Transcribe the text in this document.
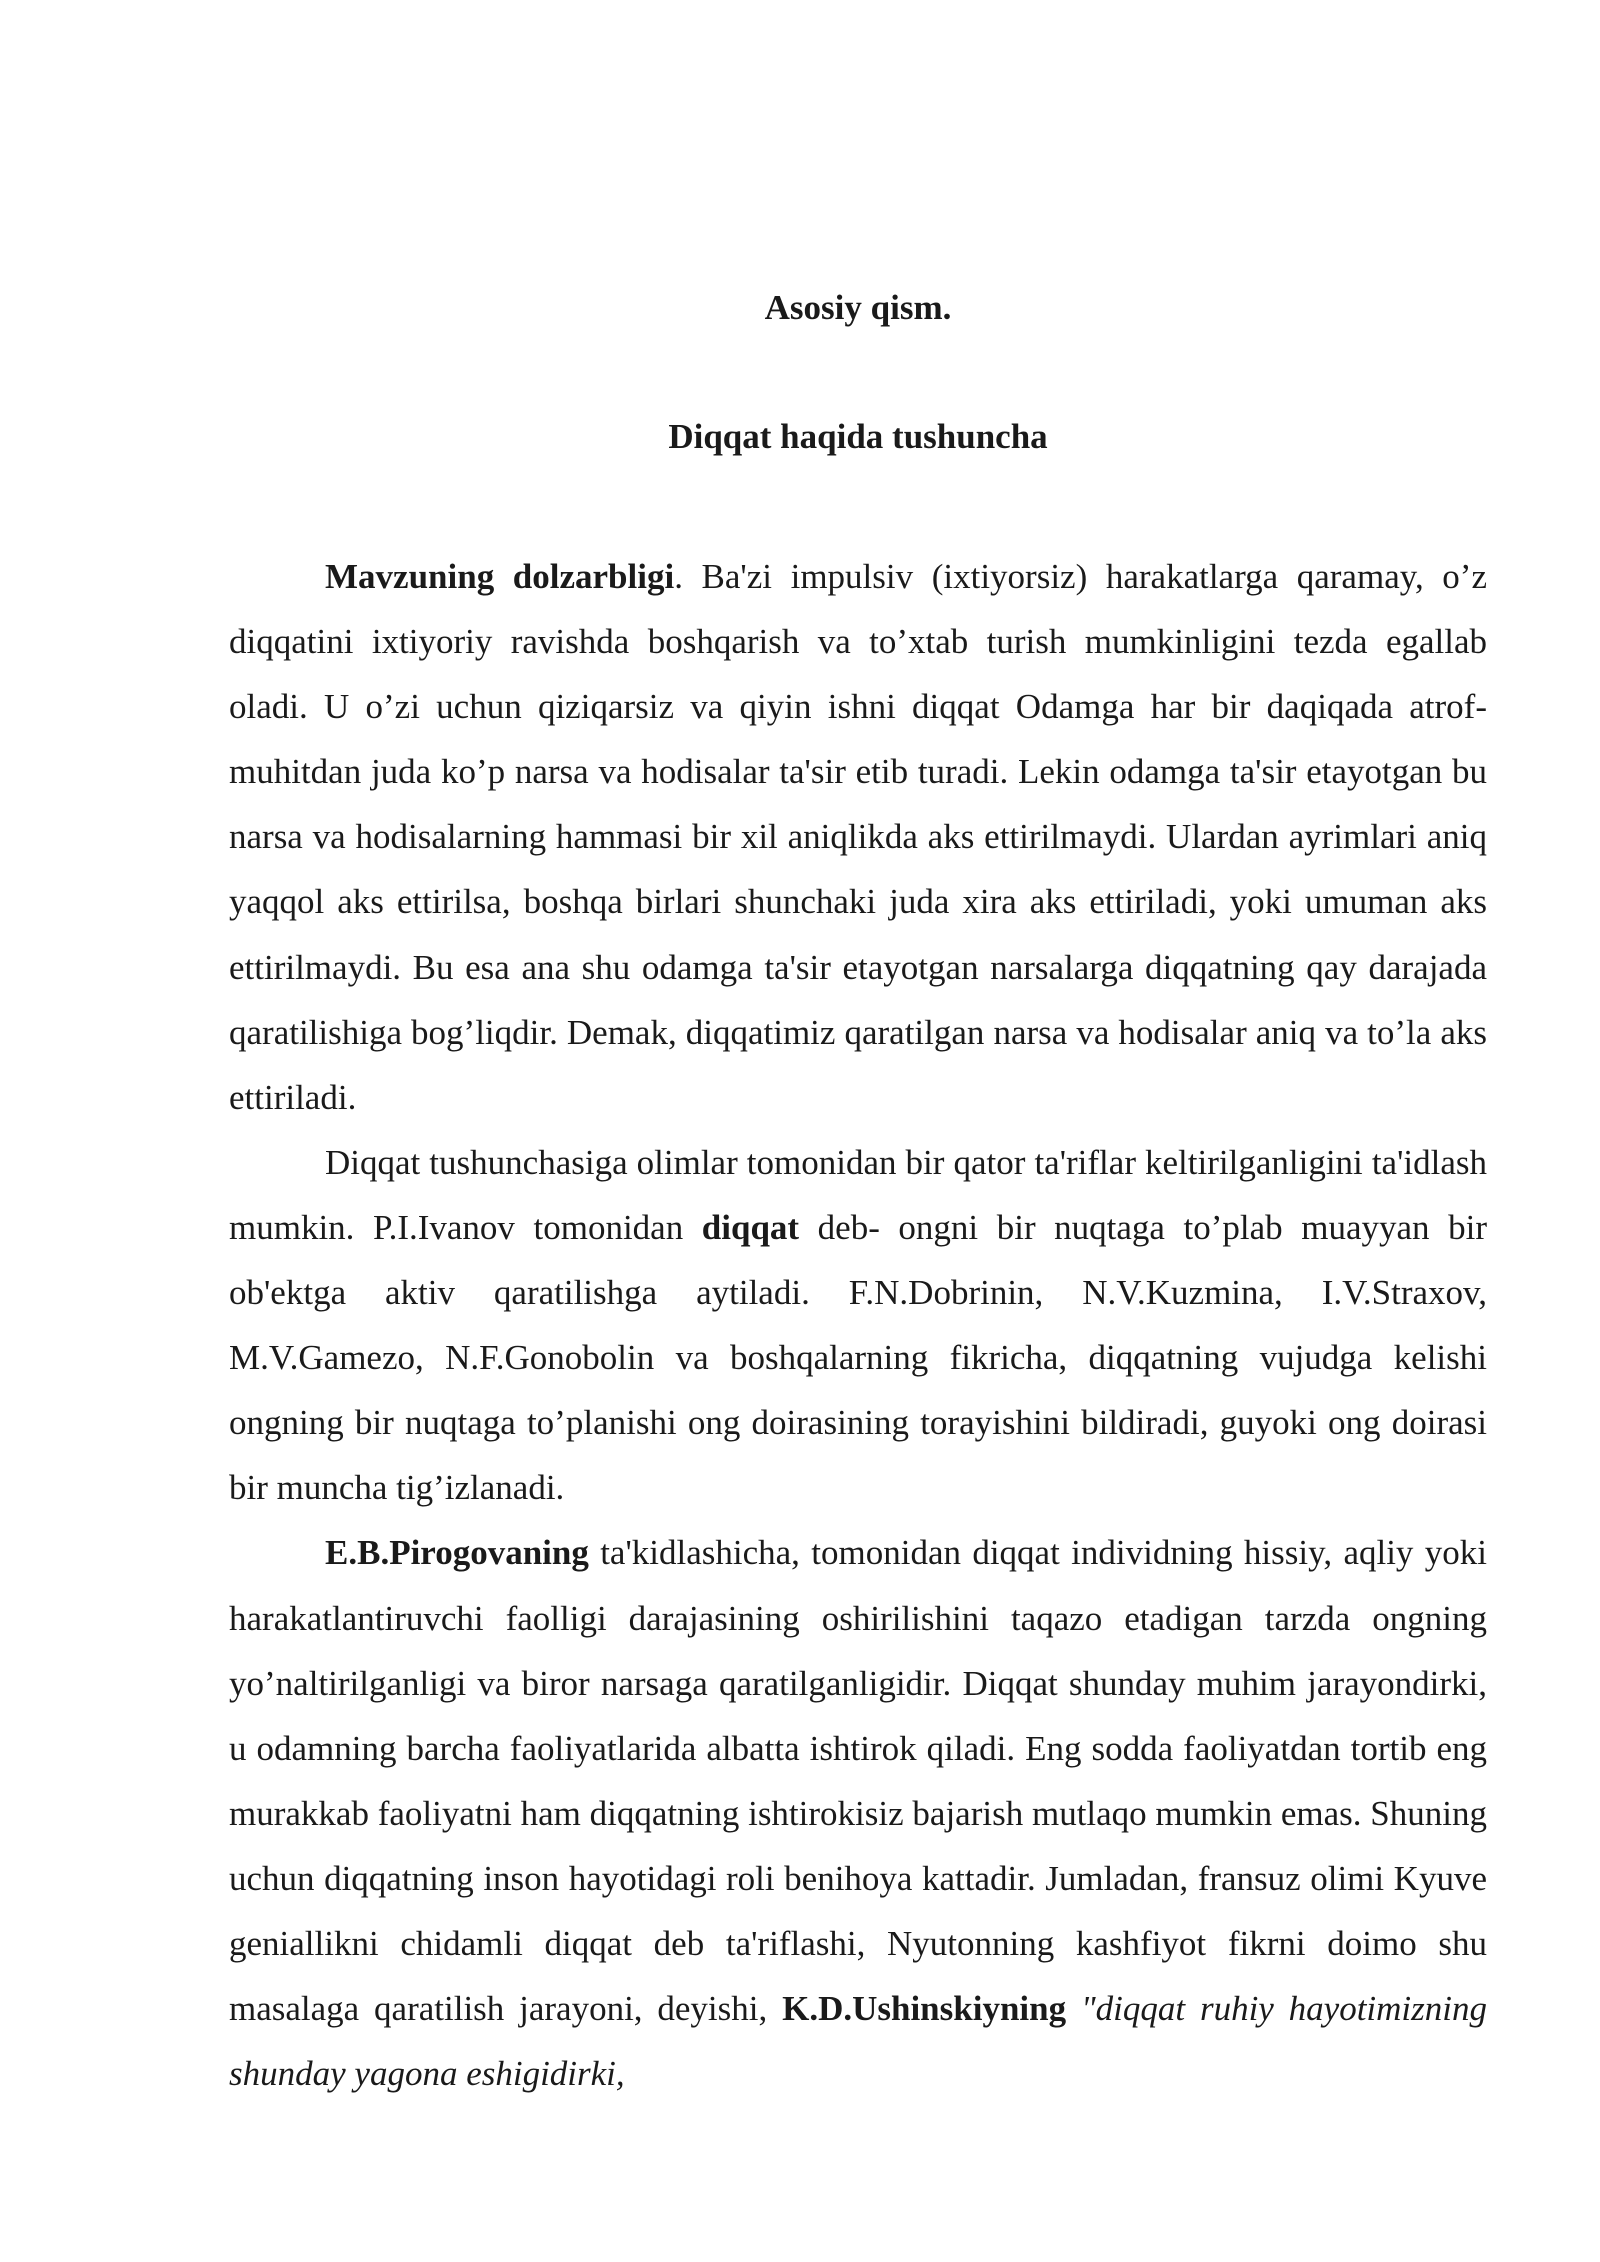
Asosiy qism.
Diqqat haqida tushuncha

Mavzuning dolzarbligi. Ba'zi impulsiv (ixtiyorsiz) harakatlarga qaramay, o’z diqqatini ixtiyoriy ravishda boshqarish va to’xtab turish mumkinligini tezda egallab oladi. U o’zi uchun qiziqarsiz va qiyin ishni diqqat Odamga har bir daqiqada atrof-muhitdan juda ko’p narsa va hodisalar ta'sir etib turadi. Lekin odamga ta'sir etayotgan bu narsa va hodisalarning hammasi bir xil aniqlikda aks ettirilmaydi. Ulardan ayrimlari aniq yaqqol aks ettirilsa, boshqa birlari shunchaki juda xira aks ettiriladi, yoki umuman aks ettirilmaydi. Bu esa ana shu odamga ta'sir etayotgan narsalarga diqqatning qay darajada qaratilishiga bog’liqdir. Demak, diqqatimiz qaratilgan narsa va hodisalar aniq va to’la aks ettiriladi.

Diqqat tushunchasiga olimlar tomonidan bir qator ta'riflar keltirilganligini ta'idlash mumkin. P.I.Ivanov tomonidan diqqat deb- ongni bir nuqtaga to’plab muayyan bir ob'ektga aktiv qaratilishga aytiladi. F.N.Dobrinin, N.V.Kuzmina, I.V.Straxov, M.V.Gamezo, N.F.Gonobolin va boshqalarning fikricha, diqqatning vujudga kelishi ongning bir nuqtaga to’planishi ong doirasining torayishini bildiradi, guyoki ong doirasi bir muncha tig’izlanadi.

E.B.Pirogovaning ta'kidlashicha, tomonidan diqqat individning hissiy, aqliy yoki harakatlantiruvchi faolligi darajasining oshirilishini taqazo etadigan tarzda ongning yo’naltirilganligi va biror narsaga qaratilganligidir. Diqqat shunday muhim jarayondirki, u odamning barcha faoliyatlarida albatta ishtirok qiladi. Eng sodda faoliyatdan tortib eng murakkab faoliyatni ham diqqatning ishtirokisiz bajarish mutlaqo mumkin emas. Shuning uchun diqqatning inson hayotidagi roli benihoya kattadir. Jumladan, fransuz olimi Kyuve geniallikni chidamli diqqat deb ta'riflashi, Nyutonning kashfiyot fikrni doimo shu masalaga qaratilish jarayoni, deyishi, K.D.Ushinskiyning "diqqat ruhiy hayotimizning shunday yagona eshigidirki,
